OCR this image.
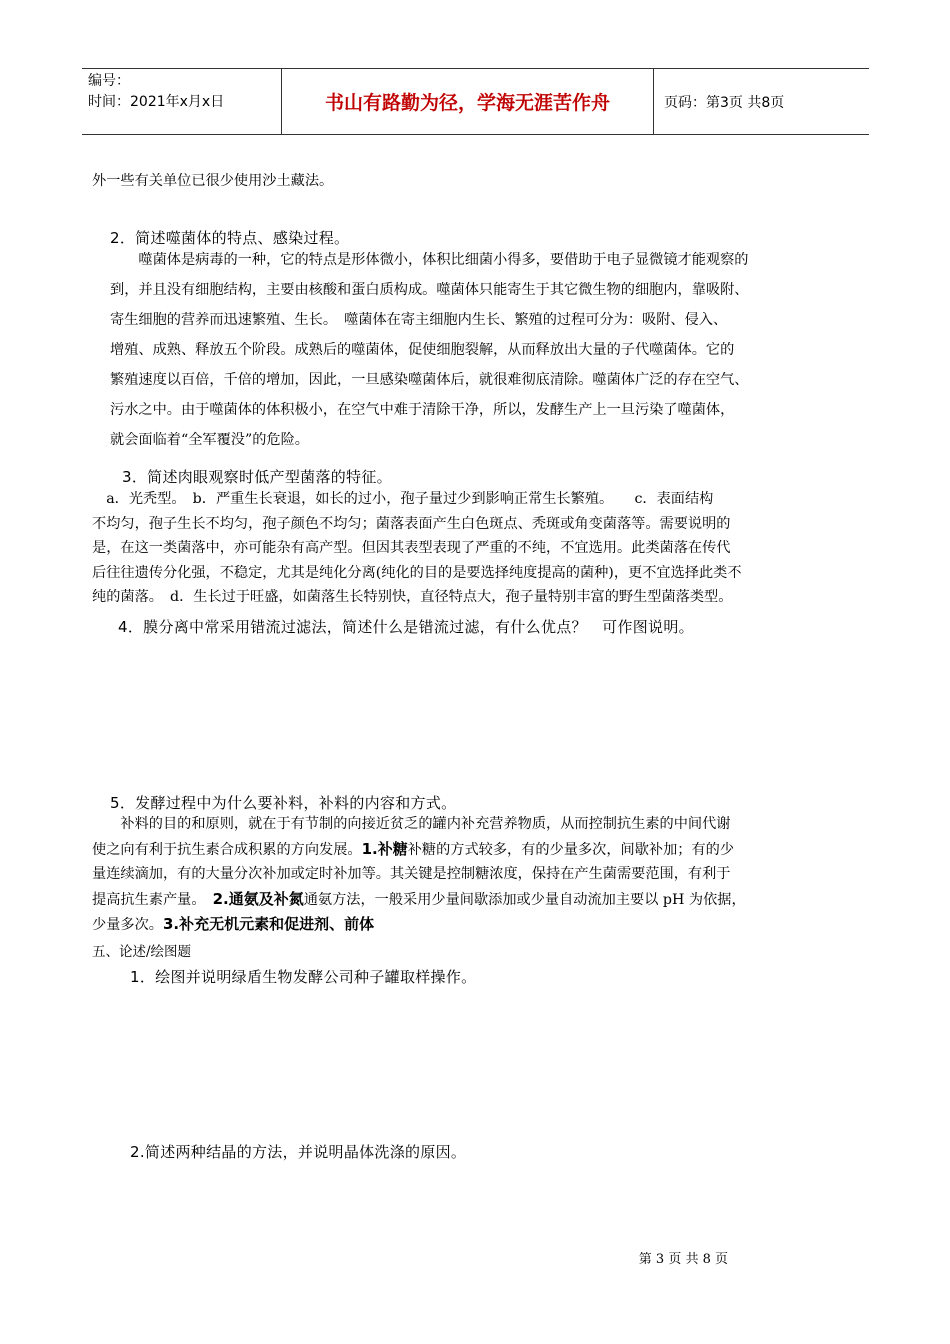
编号：
时间：2021年x月x日	书山有路勤为径，学海无涯苦作舟	页码：第3页 共8页
外一些有关单位已很少使用沙土藏法。
2．简述噬菌体的特点、感染过程。
　　噬菌体是病毒的一种，它的特点是形体微小，体积比细菌小得多，要借助于电子显微镜才能观察的
到，并且没有细胞结构，主要由核酸和蛋白质构成。噬菌体只能寄生于其它微生物的细胞内，靠吸附、
寄生细胞的营养而迅速繁殖、生长。　噬菌体在寄主细胞内生长、繁殖的过程可分为：吸附、侵入、
增殖、成熟、释放五个阶段。成熟后的噬菌体，促使细胞裂解，从而释放出大量的子代噬菌体。它的
繁殖速度以百倍，千倍的增加，因此，一旦感染噬菌体后，就很难彻底清除。噬菌体广泛的存在空气、
污水之中。由于噬菌体的体积极小，在空气中难于清除干净，所以，发酵生产上一旦污染了噬菌体，
就会面临着“全军覆没”的危险。
3．简述肉眼观察时低产型菌落的特征。
　a．光秃型。　b．严重生长衰退，如长的过小，孢子量过少到影响正常生长繁殖。　　c．表面结构
不均匀，孢子生长不均匀，孢子颜色不均匀；菌落表面产生白色斑点、秃斑或角变菌落等。需要说明的
是，在这一类菌落中，亦可能杂有高产型。但因其表型表现了严重的不纯，不宜选用。此类菌落在传代
后往往遗传分化强，不稳定，尤其是纯化分离(纯化的目的是要选择纯度提高的菌种)，更不宜选择此类不
纯的菌落。　d．生长过于旺盛，如菌落生长特别快，直径特点大，孢子量特别丰富的野生型菌落类型。
4．膜分离中常采用错流过滤法，简述什么是错流过滤，有什么优点？　可作图说明。
5．发酵过程中为什么要补料，补料的内容和方式。
　　补料的目的和原则，就在于有节制的向接近贫乏的罐内补充营养物质，从而控制抗生素的中间代谢
使之向有利于抗生素合成积累的方向发展。1.补糖补糖的方式较多，有的少量多次，间歇补加；有的少
量连续滴加，有的大量分次补加或定时补加等。其关键是控制糖浓度，保持在产生菌需要范围，有利于
提高抗生素产量。　2.通氨及补氮通氨方法，一般采用少量间歇添加或少量自动流加主要以 pH 为依据，
少量多次。3.补充无机元素和促进剂、前体
五、论述/绘图题
1．绘图并说明绿盾生物发酵公司种子罐取样操作。
2.简述两种结晶的方法，并说明晶体洗涤的原因。
第 3 页 共 8 页
